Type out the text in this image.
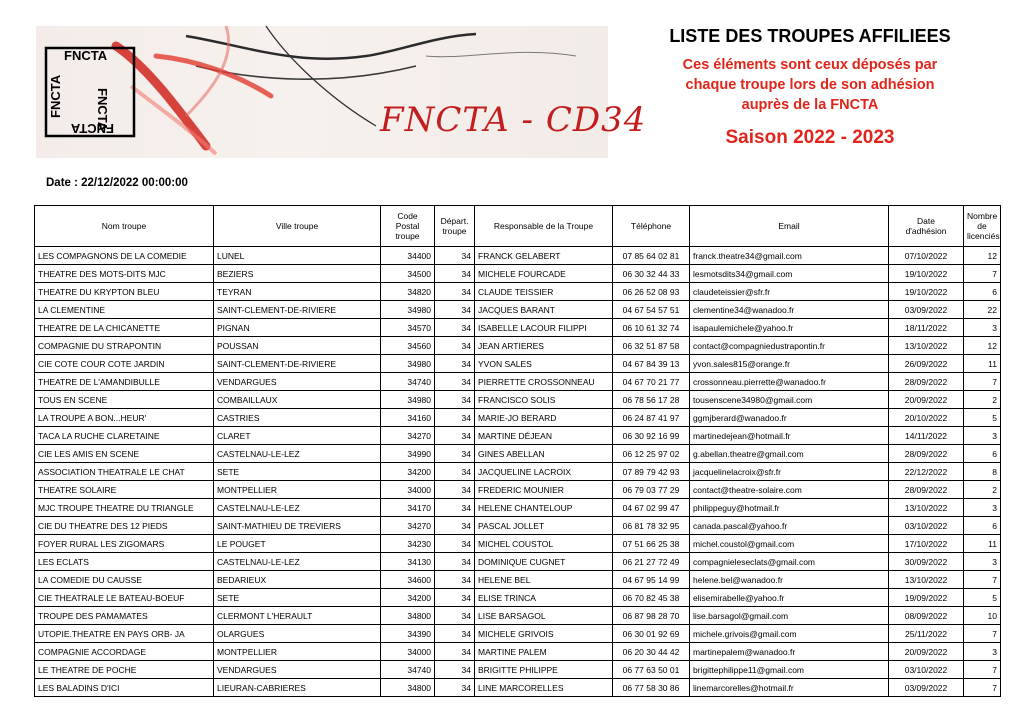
FNCTA
FNCTA
FNCTA
FNCTA
FNCTA - CD34
LISTE DES TROUPES AFFILIEES
Ces éléments sont ceux déposés par
chaque troupe lors de son adhésion
auprès de la FNCTA
Saison 2022 - 2023
Date : 22/12/2022 00:00:00
Nom troupe	Ville troupe	Code
Postal
troupe	Départ.
troupe	Responsable de la Troupe	Téléphone	Email	Date
d'adhésion	Nombre
de
licenciés

LES COMPAGNONS DE LA COMEDIE	LUNEL	34400	34	FRANCK GELABERT	07 85 64 02 81	franck.theatre34@gmail.com	07/10/2022	12
THEATRE DES MOTS-DITS MJC	BEZIERS	34500	34	MICHELE FOURCADE	06 30 32 44 33	lesmotsdits34@gmail.com	19/10/2022	7
THEATRE DU KRYPTON BLEU	TEYRAN	34820	34	CLAUDE TEISSIER	06 26 52 08 93	claudeteissier@sfr.fr	19/10/2022	6
LA CLEMENTINE	SAINT-CLEMENT-DE-RIVIERE	34980	34	JACQUES BARANT	04 67 54 57 51	clementine34@wanadoo.fr	03/09/2022	22
THEATRE DE LA CHICANETTE	PIGNAN	34570	34	ISABELLE LACOUR FILIPPI	06 10 61 32 74	isapaulemichele@yahoo.fr	18/11/2022	3
COMPAGNIE DU STRAPONTIN	POUSSAN	34560	34	JEAN ARTIERES	06 32 51 87 58	contact@compagniedustrapontin.fr	13/10/2022	12
CIE COTE COUR COTE JARDIN	SAINT-CLEMENT-DE-RIVIERE	34980	34	YVON SALES	04 67 84 39 13	yvon.sales815@orange.fr	26/09/2022	11
THEATRE DE L'AMANDIBULLE	VENDARGUES	34740	34	PIERRETTE CROSSONNEAU	04 67 70 21 77	crossonneau.pierrette@wanadoo.fr	28/09/2022	7
TOUS EN SCENE	COMBAILLAUX	34980	34	FRANCISCO SOLIS	06 78 56 17 28	tousenscene34980@gmail.com	20/09/2022	2
LA TROUPE A BON...HEUR'	CASTRIES	34160	34	MARIE-JO BERARD	06 24 87 41 97	ggmjberard@wanadoo.fr	20/10/2022	5
TACA LA RUCHE CLARETAINE	CLARET	34270	34	MARTINE DÉJEAN	06 30 92 16 99	martinedejean@hotmail.fr	14/11/2022	3
CIE LES AMIS EN SCENE	CASTELNAU-LE-LEZ	34990	34	GINES ABELLAN	06 12 25 97 02	g.abellan.theatre@gmail.com	28/09/2022	6
ASSOCIATION THEATRALE LE CHAT	SETE	34200	34	JACQUELINE LACROIX	07 89 79 42 93	jacquelinelacroix@sfr.fr	22/12/2022	8
THEATRE SOLAIRE	MONTPELLIER	34000	34	FREDERIC MOUNIER	06 79 03 77 29	contact@theatre-solaire.com	28/09/2022	2
MJC TROUPE THEATRE DU TRIANGLE	CASTELNAU-LE-LEZ	34170	34	HELENE CHANTELOUP	04 67 02 99 47	philippeguy@hotmail.fr	13/10/2022	3
CIE DU THEATRE DES 12 PIEDS	SAINT-MATHIEU DE TREVIERS	34270	34	PASCAL JOLLET	06 81 78 32 95	canada.pascal@yahoo.fr	03/10/2022	6
FOYER RURAL LES ZIGOMARS	LE POUGET	34230	34	MICHEL COUSTOL	07 51 66 25 38	michel.coustol@gmail.com	17/10/2022	11
LES ECLATS	CASTELNAU-LE-LEZ	34130	34	DOMINIQUE CUGNET	06 21 27 72 49	compagnieleseclats@gmail.com	30/09/2022	3
LA COMEDIE DU CAUSSE	BEDARIEUX	34600	34	HELENE BEL	04 67 95 14 99	helene.bel@wanadoo.fr	13/10/2022	7
CIE THEATRALE LE BATEAU-BOEUF	SETE	34200	34	ELISE TRINCA	06 70 82 45 38	elisemirabelle@yahoo.fr	19/09/2022	5
TROUPE DES PAMAMATES	CLERMONT L'HERAULT	34800	34	LISE BARSAGOL	06 87 98 28 70	lise.barsagol@gmail.com	08/09/2022	10
UTOPIE.THEATRE EN PAYS ORB- JA	OLARGUES	34390	34	MICHELE GRIVOIS	06 30 01 92 69	michele.grivois@gmail.com	25/11/2022	7
COMPAGNIE ACCORDAGE	MONTPELLIER	34000	34	MARTINE PALEM	06 20 30 44 42	martinepalem@wanadoo.fr	20/09/2022	3
LE THEATRE DE POCHE	VENDARGUES	34740	34	BRIGITTE PHILIPPE	06 77 63 50 01	brigittephilippe11@gmail.com	03/10/2022	7
LES BALADINS D'ICI	LIEURAN-CABRIERES	34800	34	LINE MARCORELLES	06 77 58 30 86	linemarcorelles@hotmail.fr	03/09/2022	7
